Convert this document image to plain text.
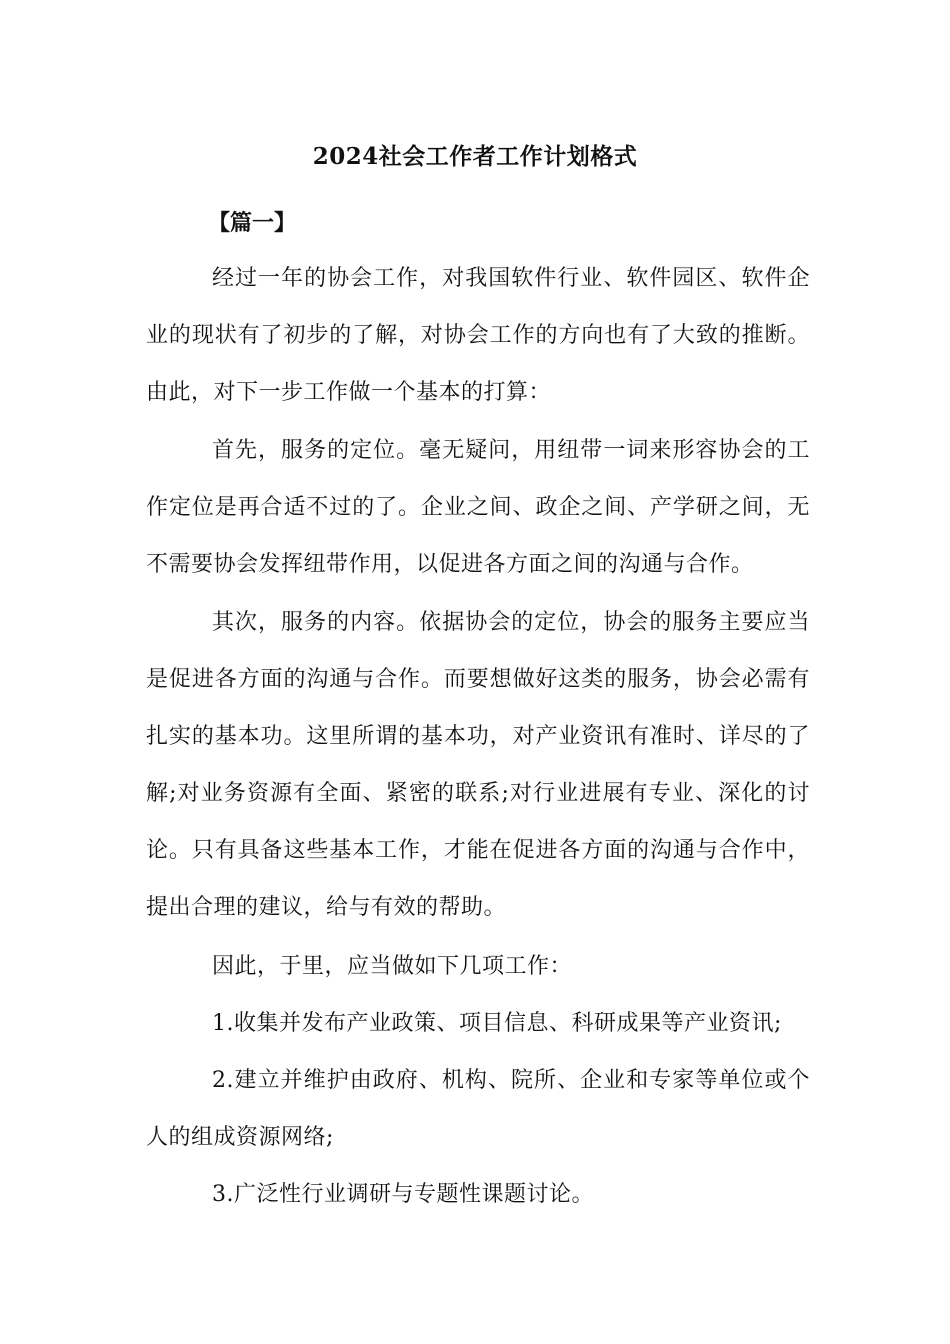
2024社会工作者工作计划格式
【篇一】

经过一年的协会工作，对我国软件行业、软件园区、软件企业的现状有了初步的了解，对协会工作的方向也有了大致的推断。由此，对下一步工作做一个基本的打算：

首先，服务的定位。毫无疑问，用纽带一词来形容协会的工作定位是再合适不过的了。企业之间、政企之间、产学研之间，无不需要协会发挥纽带作用，以促进各方面之间的沟通与合作。

其次，服务的内容。依据协会的定位，协会的服务主要应当是促进各方面的沟通与合作。而要想做好这类的服务，协会必需有扎实的基本功。这里所谓的基本功，对产业资讯有准时、详尽的了解;对业务资源有全面、紧密的联系;对行业进展有专业、深化的讨论。只有具备这些基本工作，才能在促进各方面的沟通与合作中，提出合理的建议，给与有效的帮助。

因此，于里，应当做如下几项工作：

1.收集并发布产业政策、项目信息、科研成果等产业资讯;

2.建立并维护由政府、机构、院所、企业和专家等单位或个人的组成资源网络;

3.广泛性行业调研与专题性课题讨论。
